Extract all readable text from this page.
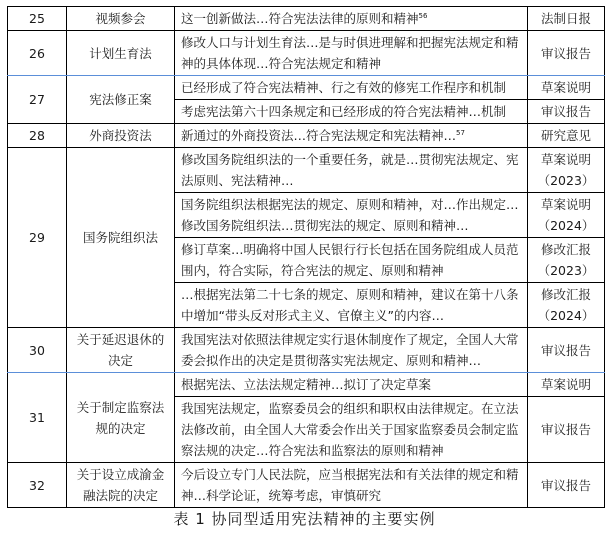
25	视频参会	这一创新做法…符合宪法法律的原则和精神$^{56}$	法制日报
26	计划生育法	修改人口与计划生育法…是与时俱进理解和把握宪法规定和精神的具体体现…符合宪法规定和精神	审议报告
27	宪法修正案	已经形成了符合宪法精神、行之有效的修宪工作程序和机制	草案说明
		考虑宪法第六十四条规定和已经形成的符合宪法精神…机制	审议报告
28	外商投资法	新通过的外商投资法…符合宪法规定和宪法精神…$^{57}$	研究意见
29	国务院组织法	修改国务院组织法的一个重要任务，就是…贯彻宪法规定、宪法原则、宪法精神…	草案说明（2023）
		国务院组织法根据宪法的规定、原则和精神，对…作出规定…修改国务院组织法…贯彻宪法的规定、原则和精神…	草案说明（2024）
		修订草案…明确将中国人民银行行长包括在国务院组成人员范围内，符合实际，符合宪法的规定、原则和精神	修改汇报（2023）
		…根据宪法第二十七条的规定、原则和精神，建议在第十八条中增加“带头反对形式主义、官僚主义”的内容…	修改汇报（2024）
30	关于延迟退休的决定	我国宪法对依照法律规定实行退休制度作了规定，全国人大常委会拟作出的决定是贯彻落实宪法规定、原则和精神…	审议报告
31	关于制定监察法规的决定	根据宪法、立法法规定精神…拟订了决定草案	草案说明
		我国宪法规定，监察委员会的组织和职权由法律规定。在立法法修改前，由全国人大常委会作出关于国家监察委员会制定监察法规的决定…符合宪法和监察法的原则和精神	审议报告
32	关于设立成渝金融法院的决定	今后设立专门人民法院，应当根据宪法和有关法律的规定和精神…科学论证，统筹考虑，审慎研究	审议报告
表 1 协同型适用宪法精神的主要实例
